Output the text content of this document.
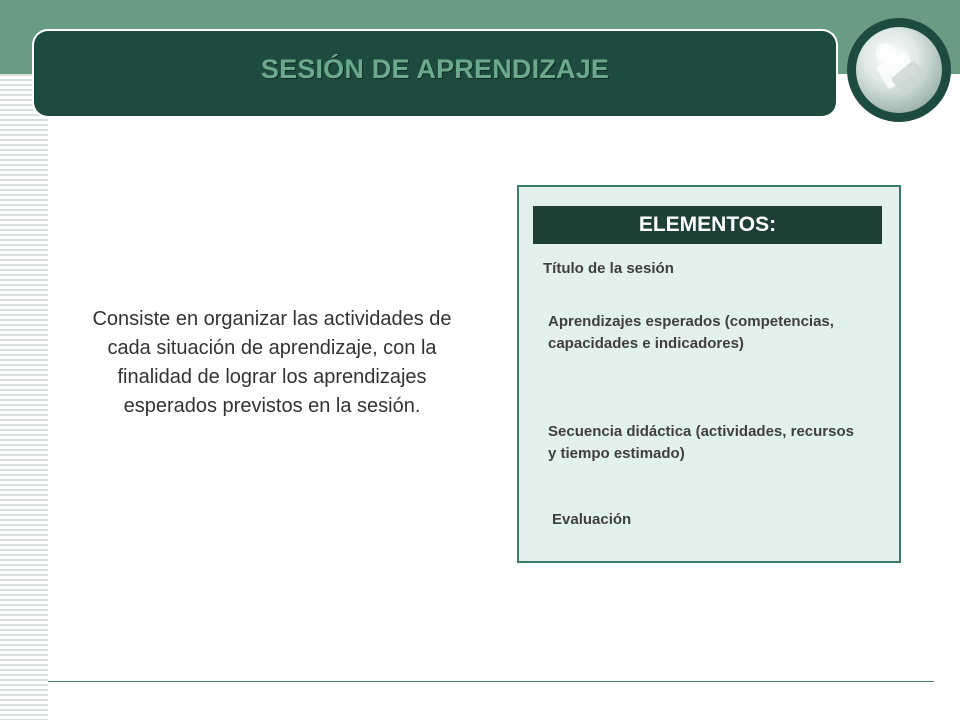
SESIÓN DE APRENDIZAJE
Consiste en organizar las actividades de cada situación de aprendizaje, con la finalidad de lograr los aprendizajes esperados previstos en la sesión.
ELEMENTOS:
Título de la sesión
Aprendizajes esperados (competencias, capacidades e indicadores)
Secuencia didáctica (actividades, recursos y tiempo estimado)
Evaluación
